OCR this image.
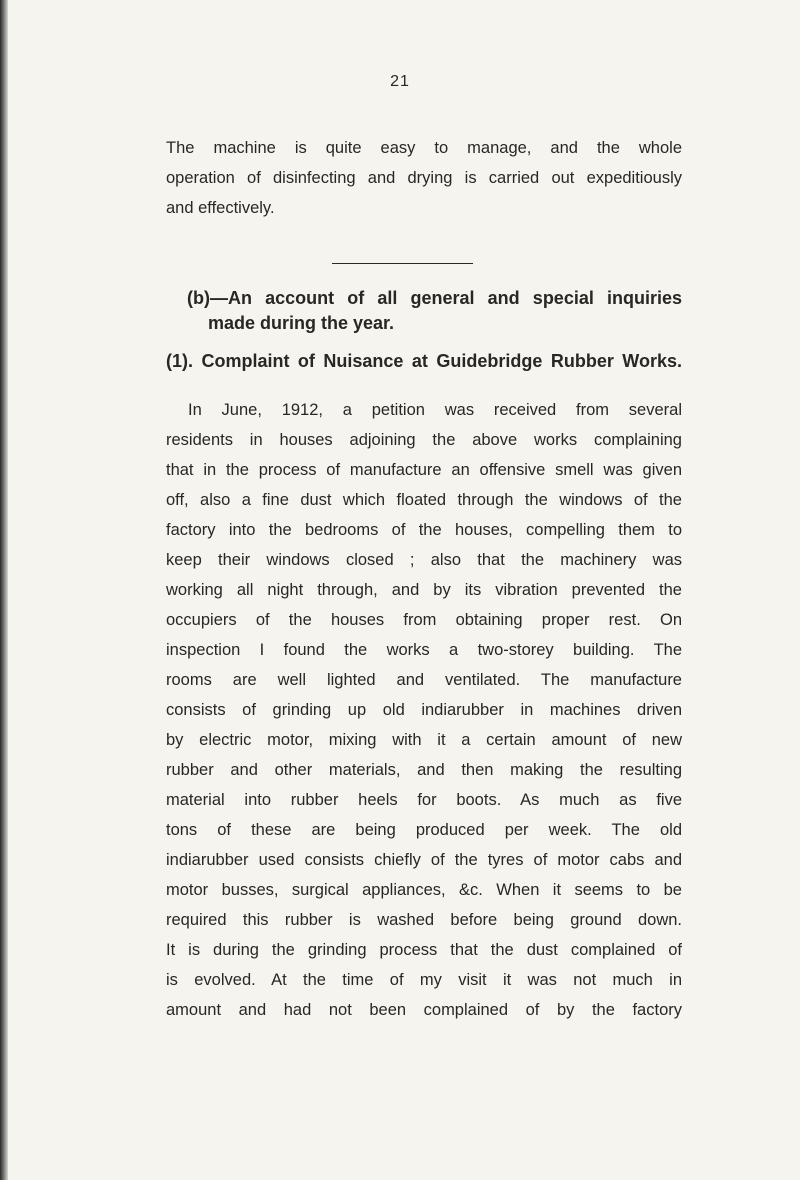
21
The machine is quite easy to manage, and the whole
operation of disinfecting and drying is carried out expeditiously
and effectively.
(b)—An account of all general and special inquiries
made during the year.
(1). Complaint of Nuisance at Guidebridge Rubber Works.
In June, 1912, a petition was received from several
residents in houses adjoining the above works complaining
that in the process of manufacture an offensive smell was given
off, also a fine dust which floated through the windows of the
factory into the bedrooms of the houses, compelling them to
keep their windows closed ; also that the machinery was
working all night through, and by its vibration prevented the
occupiers of the houses from obtaining proper rest. On
inspection I found the works a two-storey building. The
rooms are well lighted and ventilated. The manufacture
consists of grinding up old indiarubber in machines driven
by electric motor, mixing with it a certain amount of new
rubber and other materials, and then making the resulting
material into rubber heels for boots. As much as five
tons of these are being produced per week. The old
indiarubber used consists chiefly of the tyres of motor cabs and
motor busses, surgical appliances, &c. When it seems to be
required this rubber is washed before being ground down.
It is during the grinding process that the dust complained of
is evolved. At the time of my visit it was not much in
amount and had not been complained of by the factory
